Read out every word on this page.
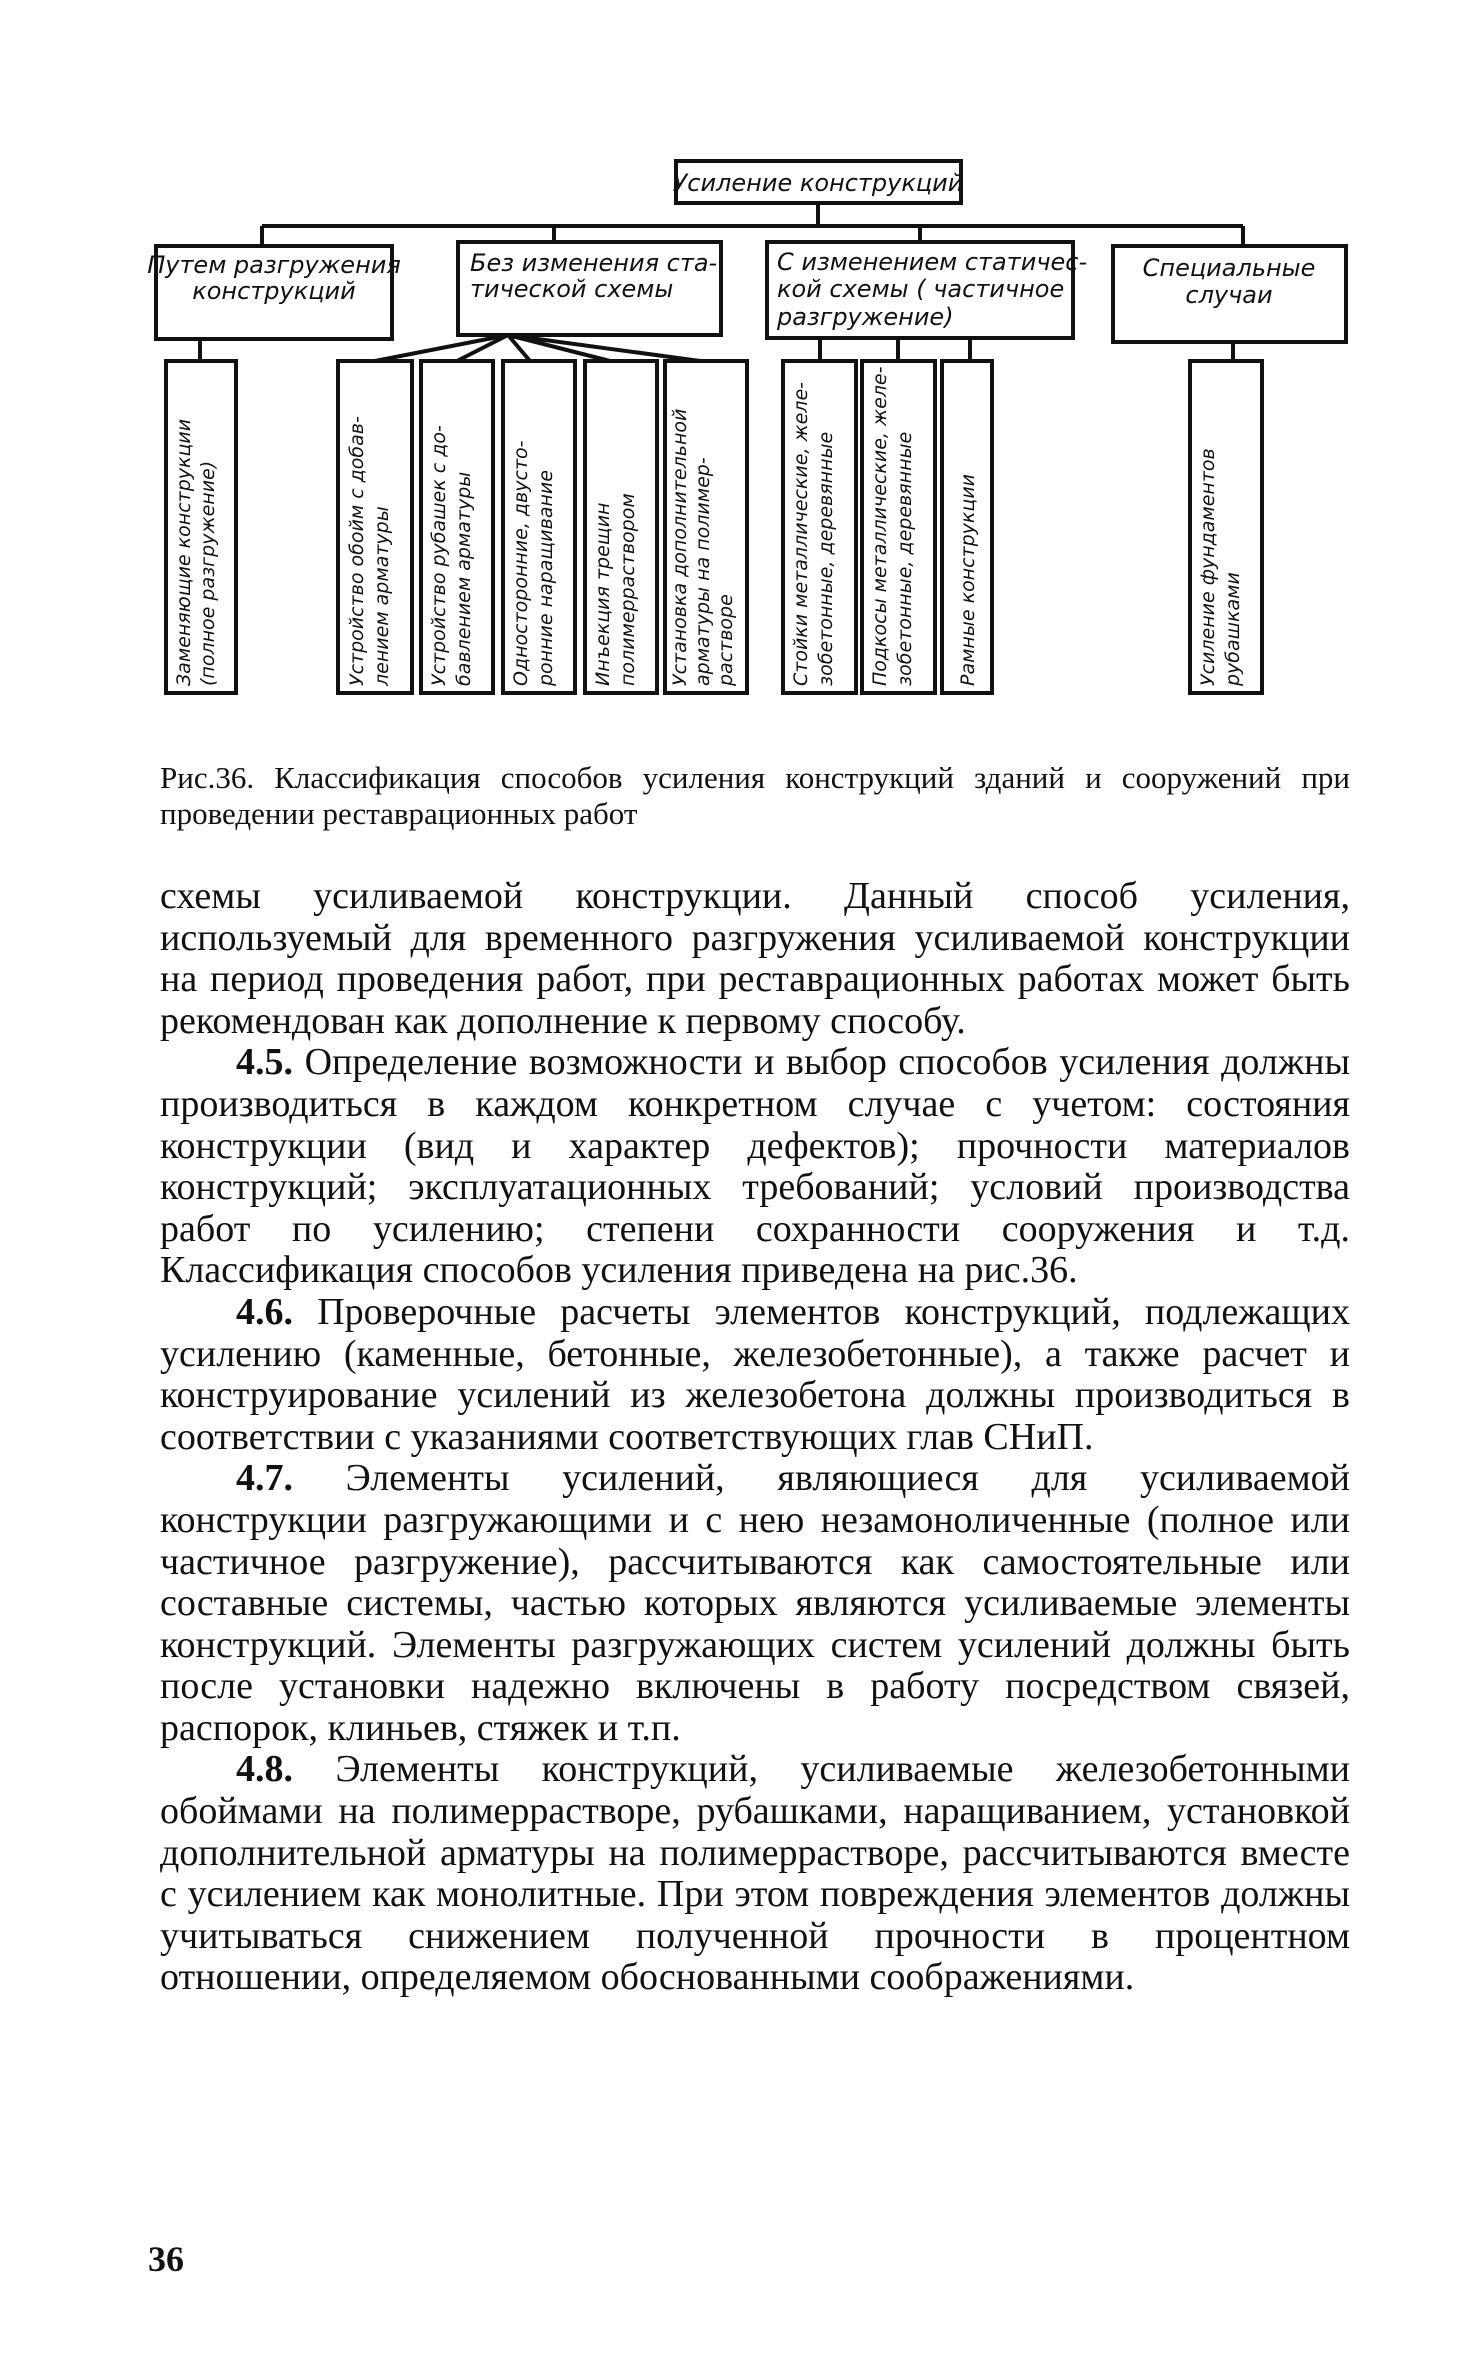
Усиление конструкций
Путем разгружения
конструкций
Без изменения ста-
тической схемы
С изменением статичес-
кой схемы ( частичное
разгружение)
Специальные
случаи
Заменяющие конструкции (полное разгружение)	Устройство обойм с добав- лением арматуры Устройство рубашек с до- бавлением арматуры Односторонние, двусто- ронние наращивание Инъекция трещин полимерраствором Установка дополнительной арматуры на полимер- растворе	Стойки металлические, желе- зобетонные, деревянные Подкосы металлические, желе- зобетонные, деревянные Рамные конструкции	Усиление фундаментов рубашками
Рис.36. Классификация способов усиления конструкций зданий и сооружений при проведении реставрационных работ

схемы усиливаемой конструкции. Данный способ усиления, используемый для временного разгружения усиливаемой конструкции на период проведения работ, при реставрационных работах может быть рекомендован как дополнение к первому способу.

4.5. Определение возможности и выбор способов усиления должны производиться в каждом конкретном случае с учетом: состояния конструкции (вид и характер дефектов); прочности материалов конструкций; эксплуатационных требований; условий производства работ по усилению; степени сохранности сооружения и т.д. Классификация способов усиления приведена на рис.36.

4.6. Проверочные расчеты элементов конструкций, подлежащих усилению (каменные, бетонные, железобетонные), а также расчет и конструирование усилений из железобетона должны производиться в соответствии с указаниями соответствующих глав СНиП.

4.7. Элементы усилений, являющиеся для усиливаемой конструкции разгружающими и с нею незамоноличенные (полное или частичное разгружение), рассчитываются как самостоятельные или составные системы, частью которых являются усиливаемые элементы конструкций. Элементы разгружающих систем усилений должны быть после установки надежно включены в работу посредством связей, распорок, клиньев, стяжек и т.п.

4.8. Элементы конструкций, усиливаемые железобетонными обоймами на полимеррастворе, рубашками, наращиванием, установкой дополнительной арматуры на полимеррастворе, рассчитываются вместе с усилением как монолитные. При этом повреждения элементов должны учитываться снижением полученной прочности в процентном отношении, определяемом обоснованными соображениями.

36
